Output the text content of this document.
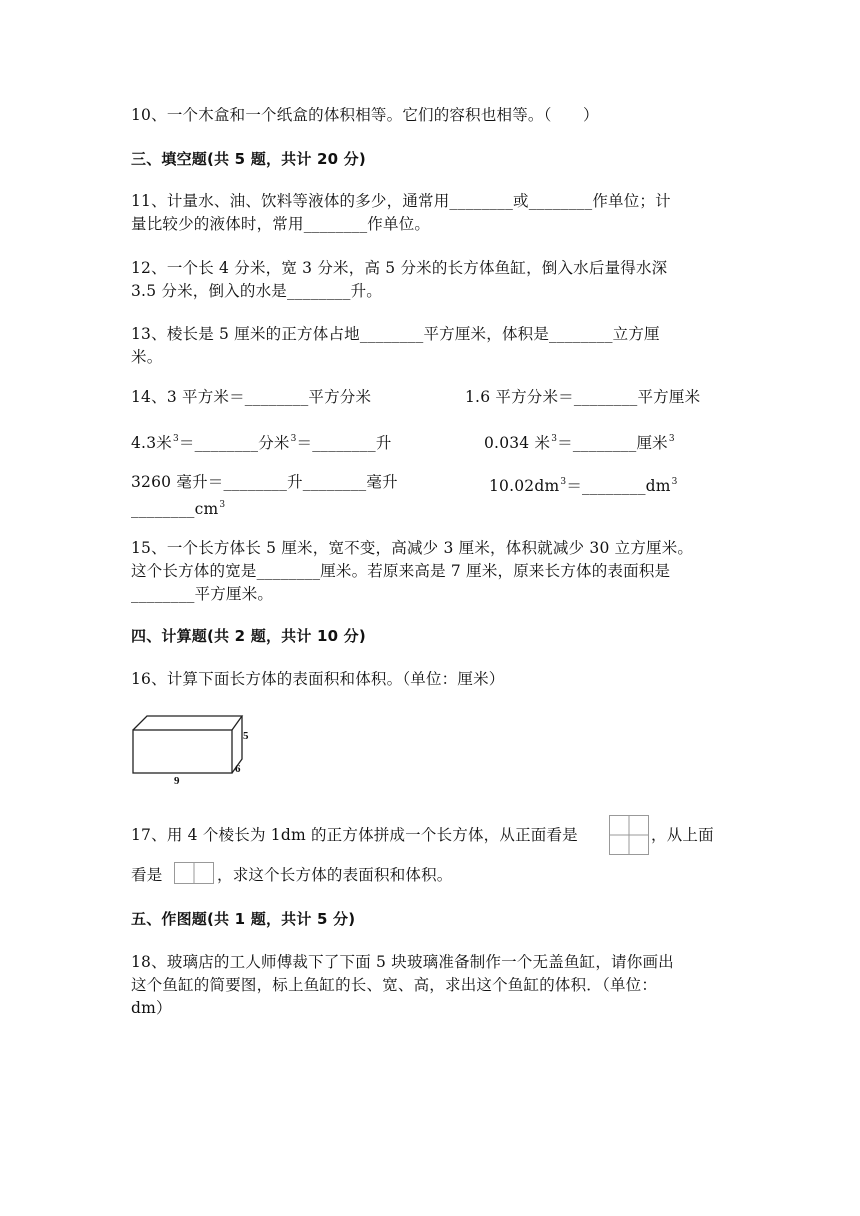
10、一个木盒和一个纸盒的体积相等。它们的容积也相等。（　　）
三、填空题(共 5 题，共计 20 分)
11、计量水、油、饮料等液体的多少，通常用________或________作单位；计
量比较少的液体时，常用________作单位。
12、一个长 4 分米，宽 3 分米，高 5 分米的长方体鱼缸，倒入水后量得水深
3.5 分米，倒入的水是________升。
13、棱长是 5 厘米的正方体占地________平方厘米，体积是________立方厘
米。
14、3 平方米＝________平方分米	1.6 平方分米＝________平方厘米
4.3米$^3$＝________分米$^3$＝________升	0.034 米$^3$＝________厘米$^3$
3260 毫升＝________升________毫升	$10.02dm^3=\_\_\_\_\_\_\_\_dm^3$
$\_\_\_\_\_\_\_\_cm^3$
15、一个长方体长 5 厘米，宽不变，高减少 3 厘米，体积就减少 30 立方厘米。
这个长方体的宽是________厘米。若原来高是 7 厘米，原来长方体的表面积是
________平方厘米。
四、计算题(共 2 题，共计 10 分)
16、计算下面长方体的表面积和体积。（单位：厘米）
5
9
6
17、用 4 个棱长为 1dm 的正方体拼成一个长方体，从正面看是	，从上面
看是	，求这个长方体的表面积和体积。
五、作图题(共 1 题，共计 5 分)
18、玻璃店的工人师傅裁下了下面 5 块玻璃准备制作一个无盖鱼缸，请你画出
这个鱼缸的简要图，标上鱼缸的长、宽、高，求出这个鱼缸的体积．（单位：
dm）
